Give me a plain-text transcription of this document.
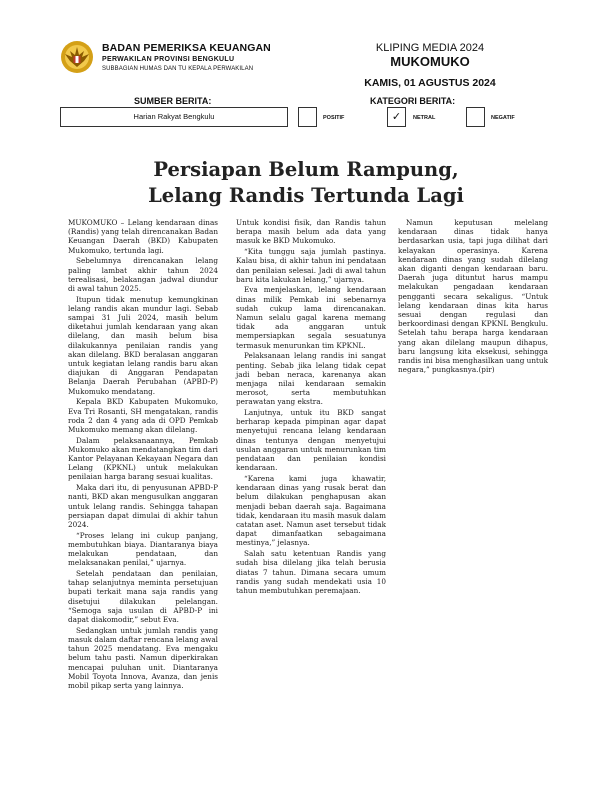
BADAN PEMERIKSA KEUANGAN
PERWAKILAN PROVINSI BENGKULU
SUBBAGIAN HUMAS DAN TU KEPALA PERWAKILAN
KLIPING MEDIA 2024
MUKOMUKO
KAMIS, 01 AGUSTUS 2024
SUMBER BERITA:	KATEGORI BERITA:
Harian Rakyat Bengkulu	POSITIF	✓	NETRAL	NEGATIF
Persiapan Belum Rampung,
Lelang Randis Tertunda Lagi

MUKOMUKO – Lelang kendaraan dinas (Randis) yang telah direncanakan Badan Keuangan Daerah (BKD) Kabupaten Mukomuko, tertunda lagi.

Sebelumnya direncanakan lelang paling lambat akhir tahun 2024 terealisasi, belakangan jadwal diundur di awal tahun 2025.

Itupun tidak menutup kemungkinan lelang randis akan mundur lagi. Sebab sampai 31 Juli 2024, masih belum diketahui jumlah kendaraan yang akan dilelang, dan masih belum bisa dilakukannya penilaian randis yang akan dilelang. BKD beralasan anggaran untuk kegiatan lelang randis baru akan diajukan di Anggaran Pendapatan Belanja Daerah Perubahan (APBD-P) Mukomuko mendatang.

Kepala BKD Kabupaten Mukomuko, Eva Tri Rosanti, SH mengatakan, randis roda 2 dan 4 yang ada di OPD Pemkab Mukomuko memang akan dilelang.

Dalam pelaksanaannya, Pemkab Mukomuko akan mendatangkan tim dari Kantor Pelayanan Kekayaan Negara dan Lelang (KPKNL) untuk melakukan penilaian harga barang sesuai kualitas.

Maka dari itu, di penyusunan APBD-P nanti, BKD akan mengusulkan anggaran untuk lelang randis. Sehingga tahapan persiapan dapat dimulai di akhir tahun 2024.

“Proses lelang ini cukup panjang, membutuhkan biaya. Diantaranya biaya melakukan pendataan, dan melaksanakan penilai,” ujarnya.

Setelah pendataan dan penilaian, tahap selanjutnya meminta persetujuan bupati terkait mana saja randis yang disetujui dilakukan pelelangan. “Semoga saja usulan di APBD-P ini dapat diakomodir,” sebut Eva.

Sedangkan untuk jumlah randis yang masuk dalam daftar rencana lelang awal tahun 2025 mendatang. Eva mengaku belum tahu pasti. Namun diperkirakan mencapai puluhan unit. Diantaranya Mobil Toyota Innova, Avanza, dan jenis mobil pikap serta yang lainnya.

Untuk kondisi fisik, dan Randis tahun berapa masih belum ada data yang masuk ke BKD Mukomuko.

“Kita tunggu saja jumlah pastinya. Kalau bisa, di akhir tahun ini pendataan dan penilaian selesai. Jadi di awal tahun baru kita lakukan lelang,” ujarnya.

Eva menjelaskan, lelang kendaraan dinas milik Pemkab ini sebenarnya sudah cukup lama direncanakan. Namun selalu gagal karena memang tidak ada anggaran untuk mempersiapkan segala sesuatunya termasuk menurunkan tim KPKNL.

Pelaksanaan lelang randis ini sangat penting. Sebab jika lelang tidak cepat jadi beban neraca, karenanya akan menjaga nilai kendaraan semakin merosot, serta membutuhkan perawatan yang ekstra.

Lanjutnya, untuk itu BKD sangat berharap kepada pimpinan agar dapat menyetujui rencana lelang kendaraan dinas tentunya dengan menyetujui usulan anggaran untuk menurunkan tim pendataan dan penilaian kondisi kendaraan.

“Karena kami juga khawatir, kendaraan dinas yang rusak berat dan belum dilakukan penghapusan akan menjadi beban daerah saja. Bagaimana tidak, kendaraan itu masih masuk dalam catatan aset. Namun aset tersebut tidak dapat dimanfaatkan sebagaimana mestinya,” jelasnya.

Salah satu ketentuan Randis yang sudah bisa dilelang jika telah berusia diatas 7 tahun. Dimana secara umum randis yang sudah mendekati usia 10 tahun membutuhkan peremajaan.

Namun keputusan melelang kendaraan dinas tidak hanya berdasarkan usia, tapi juga dilihat dari kelayakan operasinya. Karena kendaraan dinas yang sudah dilelang akan diganti dengan kendaraan baru. Daerah juga dituntut harus mampu melakukan pengadaan kendaraan pengganti secara sekaligus. “Untuk lelang kendaraan dinas kita harus sesuai dengan regulasi dan berkoordinasi dengan KPKNL Bengkulu. Setelah tahu berapa harga kendaraan yang akan dilelang maupun dihapus, baru langsung kita eksekusi, sehingga randis ini bisa menghasilkan uang untuk negara,” pungkasnya.(pir)
